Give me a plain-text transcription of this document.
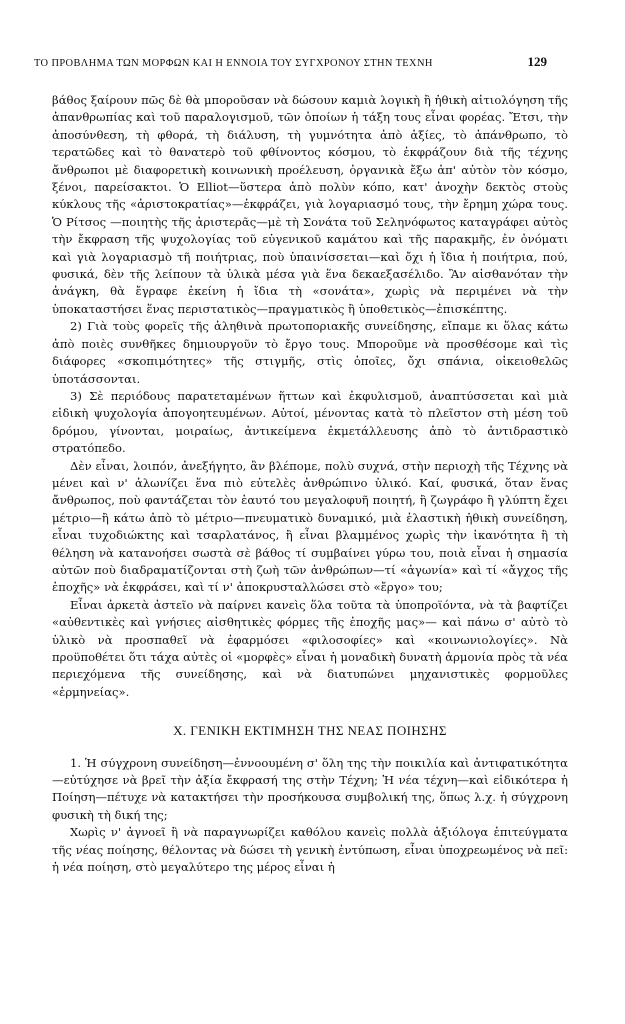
ΤΟ ΠΡΟΒΛΗΜΑ ΤΩΝ ΜΟΡΦΩΝ ΚΑΙ Η ΕΝΝΟΙΑ ΤΟΥ ΣΥΓΧΡΟΝΟΥ ΣΤΗΝ ΤΕΧΝΗ	129

βάθος ξαίρουν πῶς δὲ θὰ μποροῦσαν νὰ δώσουν καμιὰ λογικὴ ἢ ἠθικὴ αἰτιολόγηση τῆς ἀπανθρωπίας καὶ τοῦ παραλογισμοῦ, τῶν ὁποίων ἡ τάξη τους εἶναι φορέας. Ἔτσι, τὴν ἀποσύνθεση, τὴ φθορά, τὴ διάλυση, τὴ γυμνότητα ἀπὸ ἀξίες, τὸ ἀπάνθρωπο, τὸ τερατῶδες καὶ τὸ θανατερὸ τοῦ φθίνοντος κόσμου, τὸ ἐκφράζουν διὰ τῆς τέχνης ἄνθρωποι μὲ διαφορετικὴ κοινωνικὴ προέλευση, ὀργανικὰ ἔξω ἀπ' αὐτὸν τὸν κόσμο, ξένοι, παρείσακτοι. Ὁ Elliot—ὕστερα ἀπὸ πολὺν κόπο, κατ' ἀνοχὴν δεκτὸς στοὺς κύκλους τῆς «ἀριστοκρατίας»—ἐκφράζει, γιὰ λογαριασμό τους, τὴν ἔρημη χώρα τους. Ὁ Ρίτσος —ποιητὴς τῆς ἀριστερᾶς—μὲ τὴ Σονάτα τοῦ Σεληνόφωτος καταγράφει αὐτὸς τὴν ἔκφραση τῆς ψυχολογίας τοῦ εὐγενικοῦ καμάτου καὶ τῆς παρακμῆς, ἐν ὀνόματι καὶ γιὰ λογαριασμὸ τῆ ποιήτριας, ποὺ ὑπαινίσσεται—καὶ ὄχι ἡ ἴδια ἡ ποιήτρια, πού, φυσικά, δὲν τῆς λείπουν τὰ ὑλικὰ μέσα γιὰ ἕνα δεκαεξασέλιδο. Ἂν αἰσθανόταν τὴν ἀνάγκη, θὰ ἔγραφε ἐκείνη ἡ ἴδια τὴ «σονάτα», χωρὶς νὰ περιμένει νὰ τὴν ὑποκαταστήσει ἕνας περιστατικὸς—πραγματικὸς ἢ ὑποθετικὸς—ἐπισκέπτης.

2) Γιὰ τοὺς φορεῖς τῆς ἀληθινὰ πρωτοποριακῆς συνείδησης, εἴπαμε κι ὅλας κάτω ἀπὸ ποιὲς συνθῆκες δημιουργοῦν τὸ ἔργο τους. Μποροῦμε νὰ προσθέσομε καὶ τὶς διάφορες «σκοπιμότητες» τῆς στιγμῆς, στὶς ὁποῖες, ὄχι σπάνια, οἰκειοθελῶς ὑποτάσσονται.

3) Σὲ περιόδους παρατεταμένων ἥττων καὶ ἐκφυλισμοῦ, ἀναπτύσσεται καὶ μιὰ εἰδικὴ ψυχολογία ἀπογοητευμένων. Αὐτοί, μένοντας κατὰ τὸ πλεῖστον στὴ μέση τοῦ δρόμου, γίνονται, μοιραίως, ἀντικείμενα ἐκμετάλλευσης ἀπὸ τὸ ἀντιδραστικὸ στρατόπεδο.

Δὲν εἶναι, λοιπόν, ἀνεξήγητο, ἂν βλέπομε, πολὺ συχνά, στὴν περιοχὴ τῆς Τέχνης νὰ μένει καὶ ν' ἀλωνίζει ἕνα πιὸ εὐτελὲς ἀνθρώπινο ὑλικό. Καί, φυσικά, ὅταν ἕνας ἄνθρωπος, ποὺ φαντάζεται τὸν ἑαυτό του μεγαλοφυῆ ποιητή, ἢ ζωγράφο ἢ γλύπτη ἔχει μέτριο—ἢ κάτω ἀπὸ τὸ μέτριο—πνευματικὸ δυναμικό, μιὰ ἐλαστικὴ ἠθικὴ συνείδηση, εἶναι τυχοδιώκτης καὶ τσαρλατάνος, ἢ εἶναι βλαμμένος χωρὶς τὴν ἱκανότητα ἢ τὴ θέληση νὰ κατανοήσει σωστὰ σὲ βάθος τί συμβαίνει γύρω του, ποιὰ εἶναι ἡ σημασία αὐτῶν ποὺ διαδραματίζονται στὴ ζωὴ τῶν ἀνθρώπων—τί «ἀγωνία» καὶ τί «ἄγχος τῆς ἐποχῆς» νὰ ἐκφράσει, καὶ τί ν' ἀποκρυσταλλώσει στὸ «ἔργο» του;

Εἶναι ἀρκετὰ ἀστεῖο νὰ παίρνει κανεὶς ὅλα τοῦτα τὰ ὑποπροϊόντα, νὰ τὰ βαφτίζει «αὐθεντικὲς καὶ γνήσιες αἰσθητικὲς φόρμες τῆς ἐποχῆς μας»— καὶ πάνω σ' αὐτὸ τὸ ὑλικὸ νὰ προσπαθεῖ νὰ ἐφαρμόσει «φιλοσοφίες» καὶ «κοινωνιολογίες». Νὰ προϋποθέτει ὅτι τάχα αὐτὲς οἱ «μορφὲς» εἶναι ἡ μοναδικὴ δυνατὴ ἁρμονία πρὸς τὰ νέα περιεχόμενα τῆς συνείδησης, καὶ νὰ διατυπώνει μηχανιστικὲς φορμοῦλες «ἑρμηνείας».

Χ. ΓΕΝΙΚΗ ΕΚΤΙΜΗΣΗ ΤΗΣ ΝΕΑΣ ΠΟΙΗΣΗΣ

1. Ἡ σύγχρονη συνείδηση—ἐννοουμένη σ' ὅλη της τὴν ποικιλία καὶ ἀντιφατικότητα—εὐτύχησε νὰ βρεῖ τὴν ἀξία ἔκφρασή της στὴν Τέχνη; Ἡ νέα τέχνη—καὶ εἰδικότερα ἡ Ποίηση—πέτυχε νὰ κατακτήσει τὴν προσήκουσα συμβολική της, ὅπως λ.χ. ἡ σύγχρονη φυσικὴ τὴ δική της;

Χωρὶς ν' ἀγνοεῖ ἢ νὰ παραγνωρίζει καθόλου κανεὶς πολλὰ ἀξιόλογα ἐπιτεύγματα τῆς νέας ποίησης, θέλοντας νὰ δώσει τὴ γενικὴ ἐντύπωση, εἶναι ὑποχρεωμένος νὰ πεῖ: ἡ νέα ποίηση, στὸ μεγαλύτερο της μέρος εἶναι ἡ
